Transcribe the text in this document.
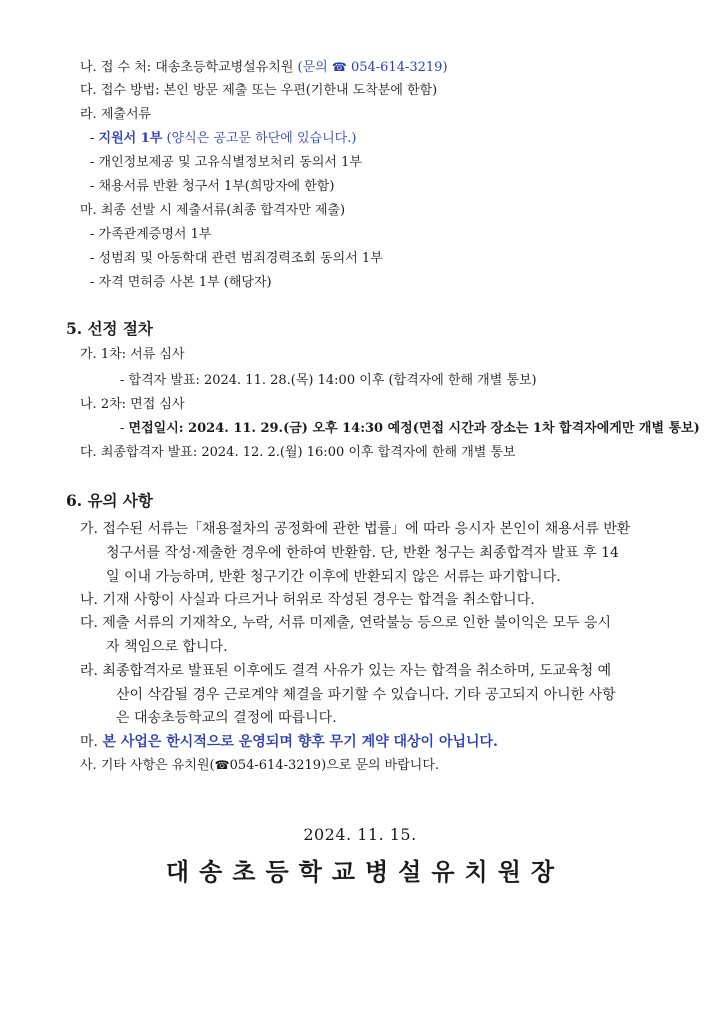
나. 접 수 처: 대송초등학교병설유치원 (문의 ☎ 054-614-3219)
다. 접수 방법: 본인 방문 제출 또는 우편(기한내 도착분에 한함)
라. 제출서류
- 지원서 1부 (양식은 공고문 하단에 있습니다.)
- 개인정보제공 및 고유식별정보처리 동의서 1부
- 채용서류 반환 청구서 1부(희망자에 한함)
마. 최종 선발 시 제출서류(최종 합격자만 제출)
- 가족관계증명서 1부
- 성범죄 및 아동학대 관련 범죄경력조회 동의서 1부
- 자격 면허증 사본 1부 (해당자)
5. 선정 절차
가. 1차: 서류 심사
- 합격자 발표: 2024. 11. 28.(목) 14:00 이후 (합격자에 한해 개별 통보)
나. 2차: 면접 심사
- 면접일시: 2024. 11. 29.(금) 오후 14:30 예정(면접 시간과 장소는 1차 합격자에게만 개별 통보)
다. 최종합격자 발표: 2024. 12. 2.(월) 16:00 이후 합격자에 한해 개별 통보
6. 유의 사항
가. 접수된 서류는「채용절차의 공정화에 관한 법률」에 따라 응시자 본인이 채용서류 반환
청구서를 작성·제출한 경우에 한하여 반환함. 단, 반환 청구는 최종합격자 발표 후 14
일 이내 가능하며, 반환 청구기간 이후에 반환되지 않은 서류는 파기합니다.
나. 기재 사항이 사실과 다르거나 허위로 작성된 경우는 합격을 취소합니다.
다. 제출 서류의 기재착오, 누락, 서류 미제출, 연락불능 등으로 인한 불이익은 모두 응시
자 책임으로 합니다.
라. 최종합격자로 발표된 이후에도 결격 사유가 있는 자는 합격을 취소하며, 도교육청 예
산이 삭감될 경우 근로계약 체결을 파기할 수 있습니다. 기타 공고되지 아니한 사항
은 대송초등학교의 결정에 따릅니다.
마. 본 사업은 한시적으로 운영되며 향후 무기 계약 대상이 아닙니다.
사. 기타 사항은 유치원(☎054-614-3219)으로 문의 바랍니다.
2024. 11. 15.
대송초등학교병설유치원장
